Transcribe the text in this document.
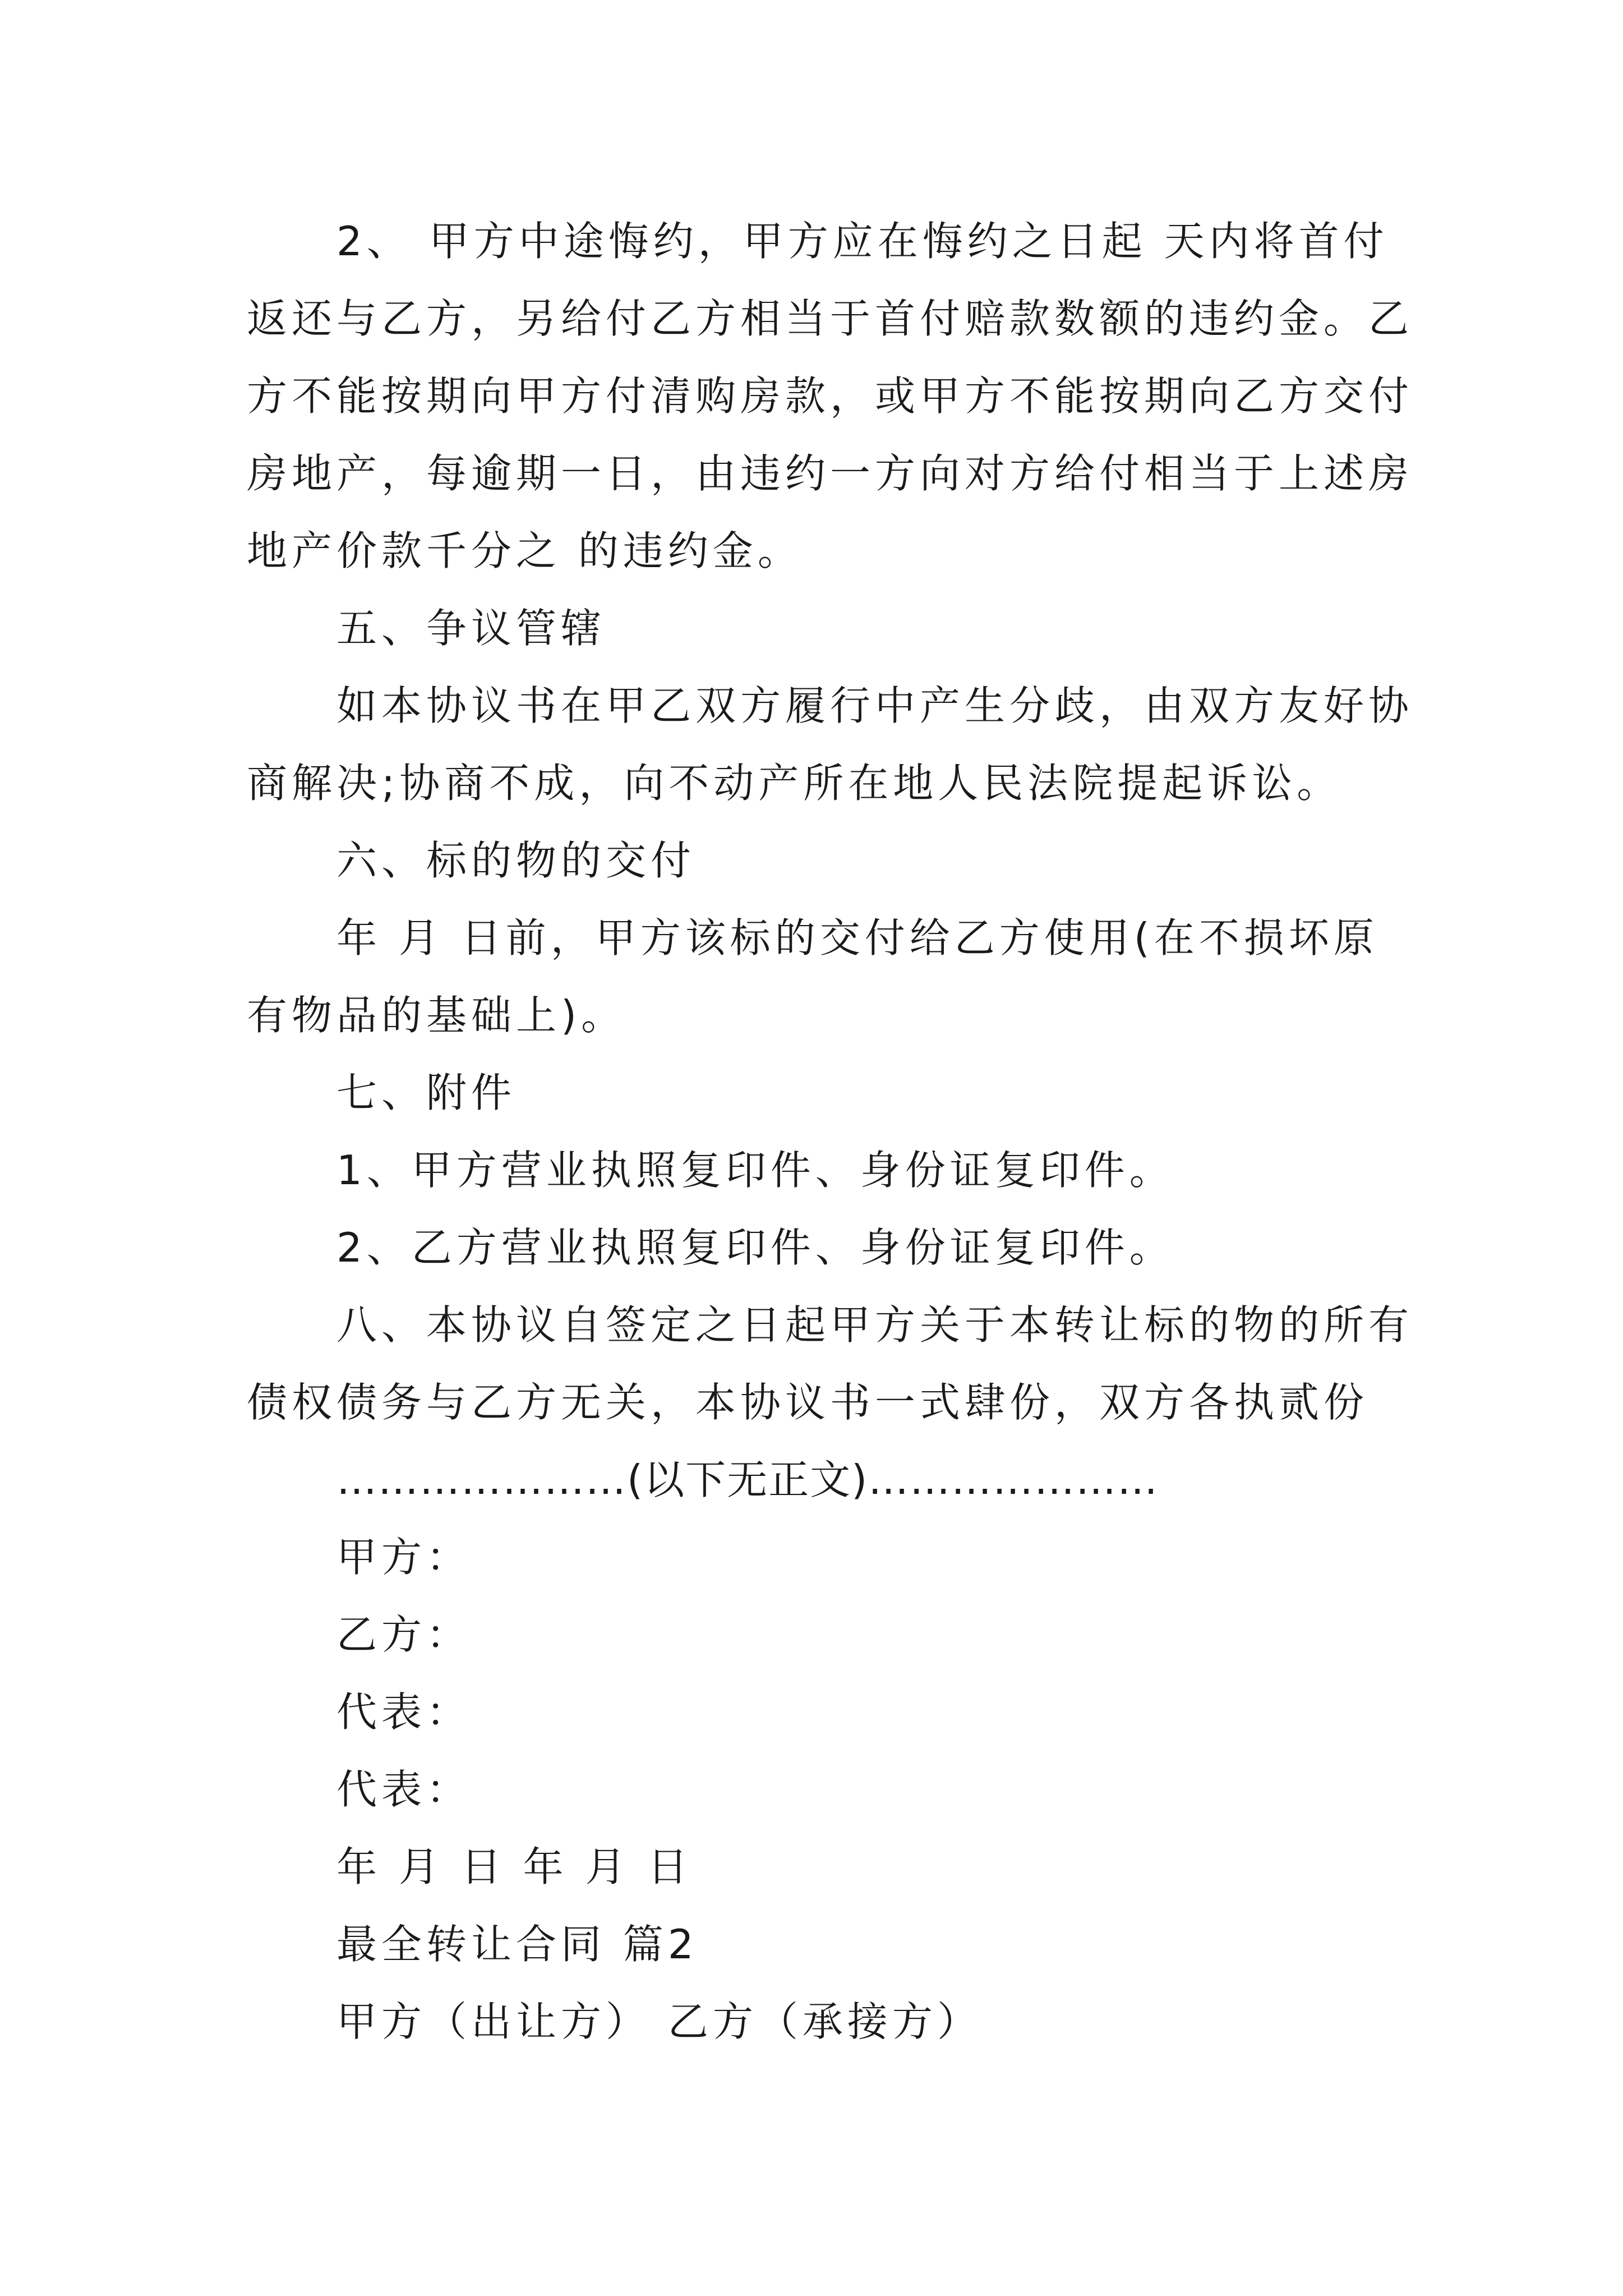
2、 甲方中途悔约，甲方应在悔约之日起 天内将首付
返还与乙方，另给付乙方相当于首付赔款数额的违约金。乙
方不能按期向甲方付清购房款，或甲方不能按期向乙方交付
房地产，每逾期一日，由违约一方向对方给付相当于上述房
地产价款千分之 的违约金。
五、争议管辖
如本协议书在甲乙双方履行中产生分歧，由双方友好协
商解决;协商不成，向不动产所在地人民法院提起诉讼。
六、标的物的交付
年 月 日前，甲方该标的交付给乙方使用(在不损坏原
有物品的基础上)。
七、附件
1、甲方营业执照复印件、身份证复印件。
2、乙方营业执照复印件、身份证复印件。
八、本协议自签定之日起甲方关于本转让标的物的所有
债权债务与乙方无关，本协议书一式肆份，双方各执贰份
…………………(以下无正文)…………………
甲方：
乙方：
代表：
代表：
年 月 日 年 月 日
最全转让合同 篇2
甲方（出让方） 乙方（承接方）
